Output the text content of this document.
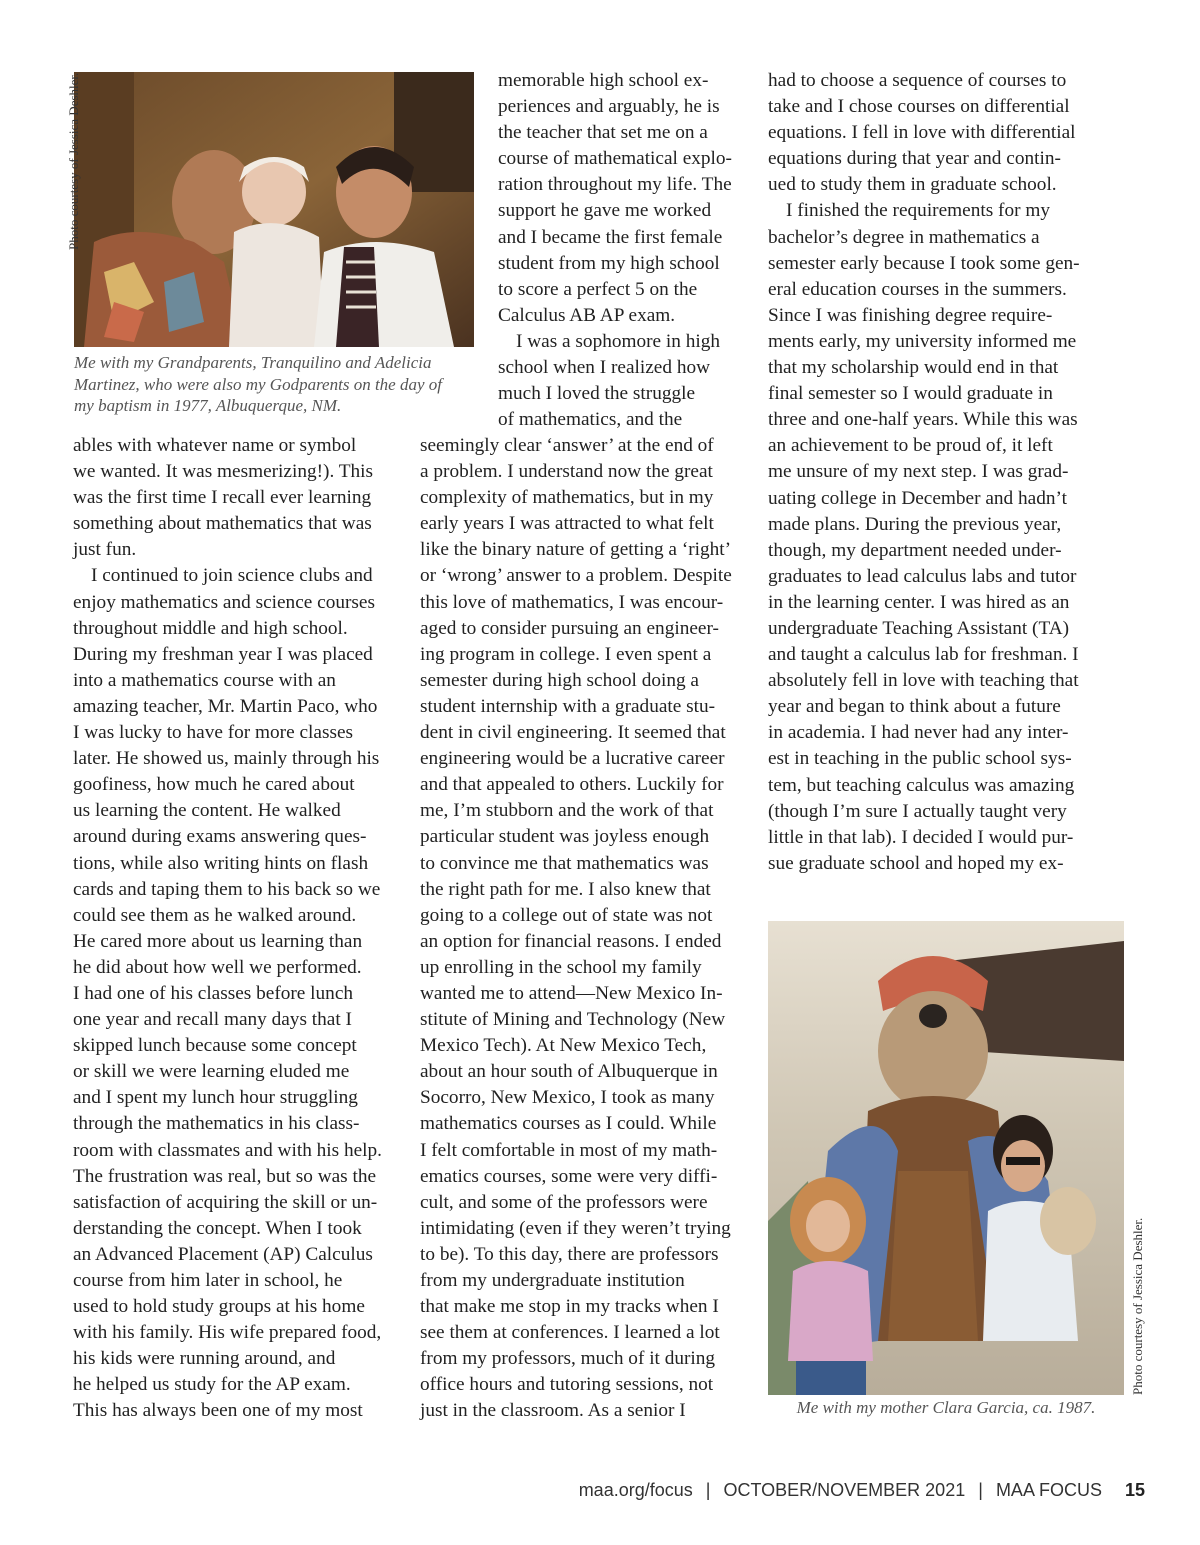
Photo courtesy of Jessica Deshler.
Me with my Grandparents, Tranquilino and Adelicia
Martinez, who were also my Godparents on the day of
my baptism in 1977, Albuquerque, NM.
ables with whatever name or symbol
we wanted. It was mesmerizing!). This
was the first time I recall ever learning
something about mathematics that was
just fun.
I continued to join science clubs and
enjoy mathematics and science courses
throughout middle and high school.
During my freshman year I was placed
into a mathematics course with an
amazing teacher, Mr. Martin Paco, who
I was lucky to have for more classes
later. He showed us, mainly through his
goofiness, how much he cared about
us learning the content. He walked
around during exams answering ques-
tions, while also writing hints on flash
cards and taping them to his back so we
could see them as he walked around.
He cared more about us learning than
he did about how well we performed.
I had one of his classes before lunch
one year and recall many days that I
skipped lunch because some concept
or skill we were learning eluded me
and I spent my lunch hour struggling
through the mathematics in his class-
room with classmates and with his help.
The frustration was real, but so was the
satisfaction of acquiring the skill or un-
derstanding the concept. When I took
an Advanced Placement (AP) Calculus
course from him later in school, he
used to hold study groups at his home
with his family. His wife prepared food,
his kids were running around, and
he helped us study for the AP exam.
This has always been one of my most
memorable high school ex-
periences and arguably, he is
the teacher that set me on a
course of mathematical explo-
ration throughout my life. The
support he gave me worked
and I became the first female
student from my high school
to score a perfect 5 on the
Calculus AB AP exam.
I was a sophomore in high
school when I realized how
much I loved the struggle
of mathematics, and the
seemingly clear ‘answer’ at the end of
a problem. I understand now the great
complexity of mathematics, but in my
early years I was attracted to what felt
like the binary nature of getting a ‘right’
or ‘wrong’ answer to a problem. Despite
this love of mathematics, I was encour-
aged to consider pursuing an engineer-
ing program in college. I even spent a
semester during high school doing a
student internship with a graduate stu-
dent in civil engineering. It seemed that
engineering would be a lucrative career
and that appealed to others. Luckily for
me, I’m stubborn and the work of that
particular student was joyless enough
to convince me that mathematics was
the right path for me. I also knew that
going to a college out of state was not
an option for financial reasons. I ended
up enrolling in the school my family
wanted me to attend—New Mexico In-
stitute of Mining and Technology (New
Mexico Tech). At New Mexico Tech,
about an hour south of Albuquerque in
Socorro, New Mexico, I took as many
mathematics courses as I could. While
I felt comfortable in most of my math-
ematics courses, some were very diffi-
cult, and some of the professors were
intimidating (even if they weren’t trying
to be). To this day, there are professors
from my undergraduate institution
that make me stop in my tracks when I
see them at conferences. I learned a lot
from my professors, much of it during
office hours and tutoring sessions, not
just in the classroom. As a senior I
had to choose a sequence of courses to
take and I chose courses on differential
equations. I fell in love with differential
equations during that year and contin-
ued to study them in graduate school.
I finished the requirements for my
bachelor’s degree in mathematics a
semester early because I took some gen-
eral education courses in the summers.
Since I was finishing degree require-
ments early, my university informed me
that my scholarship would end in that
final semester so I would graduate in
three and one-half years. While this was
an achievement to be proud of, it left
me unsure of my next step. I was grad-
uating college in December and hadn’t
made plans. During the previous year,
though, my department needed under-
graduates to lead calculus labs and tutor
in the learning center. I was hired as an
undergraduate Teaching Assistant (TA)
and taught a calculus lab for freshman. I
absolutely fell in love with teaching that
year and began to think about a future
in academia. I had never had any inter-
est in teaching in the public school sys-
tem, but teaching calculus was amazing
(though I’m sure I actually taught very
little in that lab). I decided I would pur-
sue graduate school and hoped my ex-
Photo courtesy of Jessica Deshler.
Me with my mother Clara Garcia, ca. 1987.
maa.org/focus | OCTOBER/NOVEMBER 2021 | MAA FOCUS 15
